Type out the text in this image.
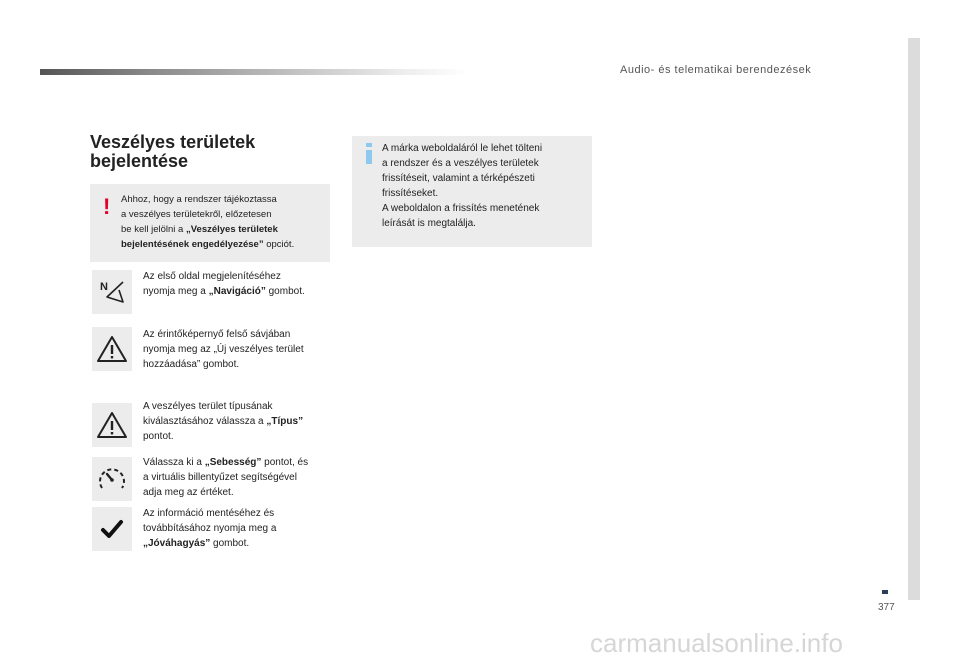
Audio- és telematikai berendezések
377
Veszélyes területek bejelentése
! Ahhoz, hogy a rendszer tájékoztassa
a veszélyes területekről, előzetesen
be kell jelölni a „Veszélyes területek
bejelentésének engedélyezése” opciót.
A márka weboldaláról le lehet tölteni
a rendszer és a veszélyes területek
frissítéseit, valamint a térképészeti
frissítéseket.
A weboldalon a frissítés menetének
leírását is megtalálja.
N
Az első oldal megjelenítéséhez
nyomja meg a „Navigáció” gombot.
Az érintőképernyő felső sávjában
nyomja meg az „Új veszélyes terület
hozzáadása” gombot.
A veszélyes terület típusának
kiválasztásához válassza a „Típus”
pontot.
Válassza ki a „Sebesség” pontot, és
a virtuális billentyűzet segítségével
adja meg az értéket.
Az információ mentéséhez és
továbbításához nyomja meg a
„Jóváhagyás” gombot.
carmanualsonline.info
